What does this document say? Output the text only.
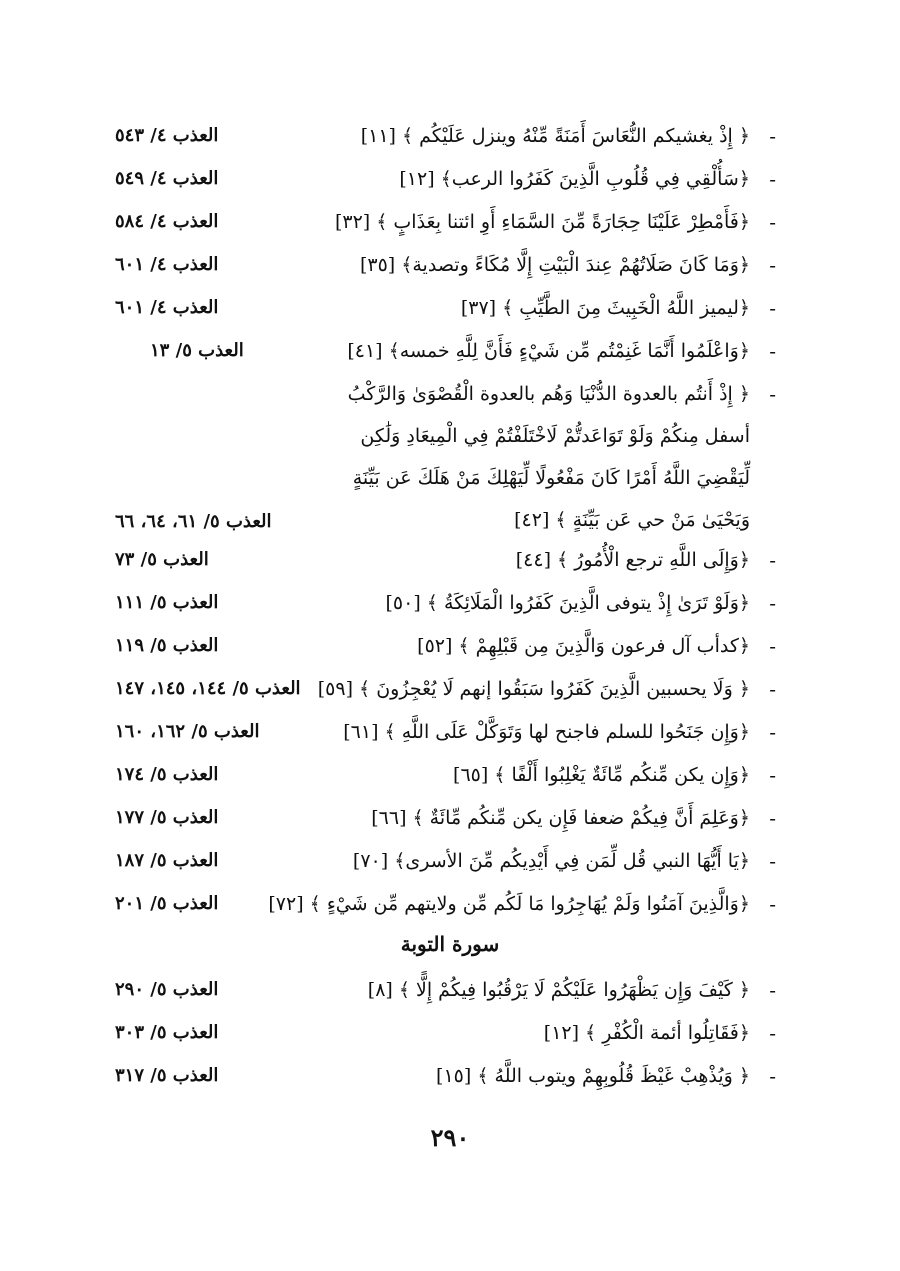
-
﴿ إِذْ يغشيكم النُّعَاسَ أَمَنَةً مِّنْهُ وينزل عَلَيْكُم ﴾ [١١]
العذب ٤/ ٥٤٣
-
﴿سَأُلْقِي فِي قُلُوبِ الَّذِينَ كَفَرُوا الرعب﴾ [١٢]
العذب ٤/ ٥٤٩
-
﴿فَأَمْطِرْ عَلَيْنَا حِجَارَةً مِّنَ السَّمَاءِ أَوِ ائتنا بِعَذَابٍ ﴾ [٣٢]
العذب ٤/ ٥٨٤
-
﴿وَمَا كَانَ صَلَاتُهُمْ عِندَ الْبَيْتِ إِلَّا مُكَاءً وتصدية﴾ [٣٥]
العذب ٤/ ٦٠١
-
﴿ليميز اللَّهُ الْخَبِيثَ مِنَ الطَّيِّبِ ﴾ [٣٧]
العذب ٤/ ٦٠١
-
﴿وَاعْلَمُوا أَنَّمَا غَنِمْتُم مِّن شَيْءٍ فَأَنَّ لِلَّهِ خمسه﴾ [٤١]
العذب ٥/ ١٣
-
﴿ إِذْ أَنتُم بالعدوة الدُّنْيَا وَهُم بالعدوة الْقُصْوَىٰ وَالرَّكْبُ أسفل مِنكُمْ وَلَوْ تَوَاعَدتُّمْ لَاخْتَلَفْتُمْ فِي الْمِيعَادِ وَلَٰكِن لِّيَقْضِيَ اللَّهُ أَمْرًا كَانَ مَفْعُولًا لِّيَهْلِكَ مَنْ هَلَكَ عَن بَيِّنَةٍ وَيَحْيَىٰ مَنْ حي عَن بَيِّنَةٍ ﴾ [٤٢]
العذب ٥/ ٦١، ٦٤، ٦٦
-
﴿وَإِلَى اللَّهِ ترجع الْأُمُورُ ﴾ [٤٤]
العذب ٥/ ٧٣
-
﴿وَلَوْ تَرَىٰ إِذْ يتوفى الَّذِينَ كَفَرُوا الْمَلَائِكَةُ ﴾ [٥٠]
العذب ٥/ ١١١
-
﴿كدأب آل فرعون وَالَّذِينَ مِن قَبْلِهِمْ ﴾ [٥٢]
العذب ٥/ ١١٩
-
﴿ وَلَا يحسبين الَّذِينَ كَفَرُوا سَبَقُوا إنهم لَا يُعْجِزُونَ ﴾ [٥٩]
العذب ٥/ ١٤٤، ١٤٥، ١٤٧
-
﴿وَإِن جَنَحُوا للسلم فاجنح لها وَتَوَكَّلْ عَلَى اللَّهِ ﴾ [٦١]
العذب ٥/ ١٦٢، ١٦٠
-
﴿وَإِن يكن مِّنكُم مِّائَةٌ يَغْلِبُوا أَلْفًا ﴾ [٦٥]
العذب ٥/ ١٧٤
-
﴿وَعَلِمَ أَنَّ فِيكُمْ ضعفا فَإِن يكن مِّنكُم مِّائَةٌ ﴾ [٦٦]
العذب ٥/ ١٧٧
-
﴿يَا أَيُّهَا النبي قُل لِّمَن فِي أَيْدِيكُم مِّنَ الأسرى﴾ [٧٠]
العذب ٥/ ١٨٧
-
﴿وَالَّذِينَ آمَنُوا وَلَمْ يُهَاجِرُوا مَا لَكُم مِّن ولايتهم مِّن شَيْءٍ ﴾ [٧٢]
العذب ٥/ ٢٠١
سورة التوبة
-
﴿ كَيْفَ وَإِن يَظْهَرُوا عَلَيْكُمْ لَا يَرْقُبُوا فِيكُمْ إِلًّا ﴾ [٨]
العذب ٥/ ٢٩٠
-
﴿فَقَاتِلُوا أئمة الْكُفْرِ ﴾ [١٢]
العذب ٥/ ٣٠٣
-
﴿ وَيُذْهِبْ غَيْظَ قُلُوبِهِمْ ويتوب اللَّهُ ﴾ [١٥]
العذب ٥/ ٣١٧
٢٩٠
